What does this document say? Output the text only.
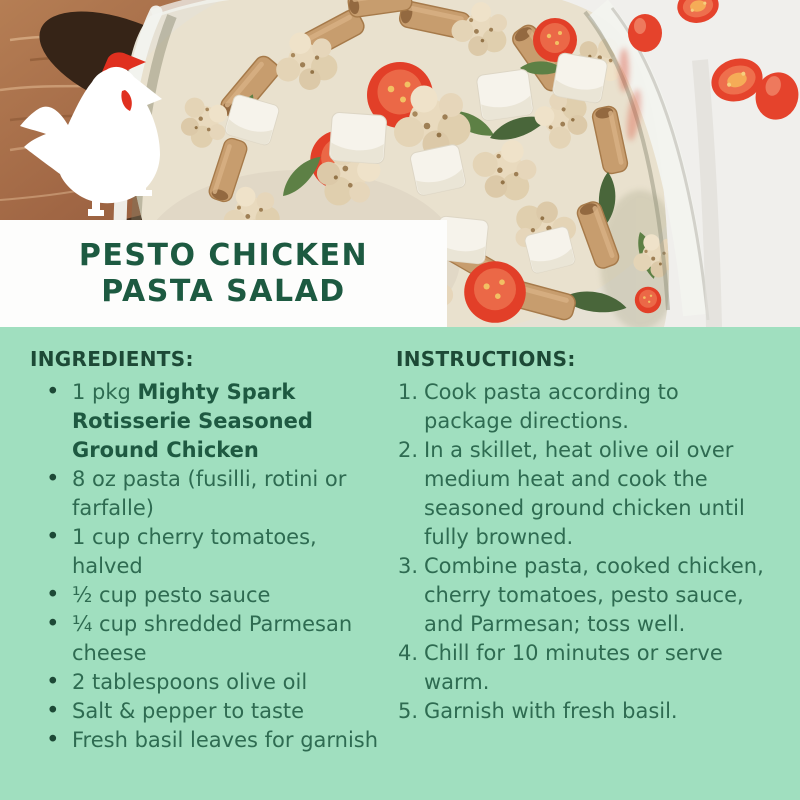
PESTO CHICKEN
PASTA SALAD
INGREDIENTS:
• 1 pkg Mighty Spark Rotisserie Seasoned Ground Chicken
• 8 oz pasta (fusilli, rotini or farfalle)
• 1 cup cherry tomatoes, halved
• ½ cup pesto sauce
• ¼ cup shredded Parmesan cheese
• 2 tablespoons olive oil
• Salt & pepper to taste
• Fresh basil leaves for garnish
INSTRUCTIONS:
Cook pasta according to package directions.
In a skillet, heat olive oil over medium heat and cook the seasoned ground chicken until fully browned.
Combine pasta, cooked chicken, cherry tomatoes, pesto sauce, and Parmesan; toss well.
Chill for 10 minutes or serve warm.
Garnish with fresh basil.
